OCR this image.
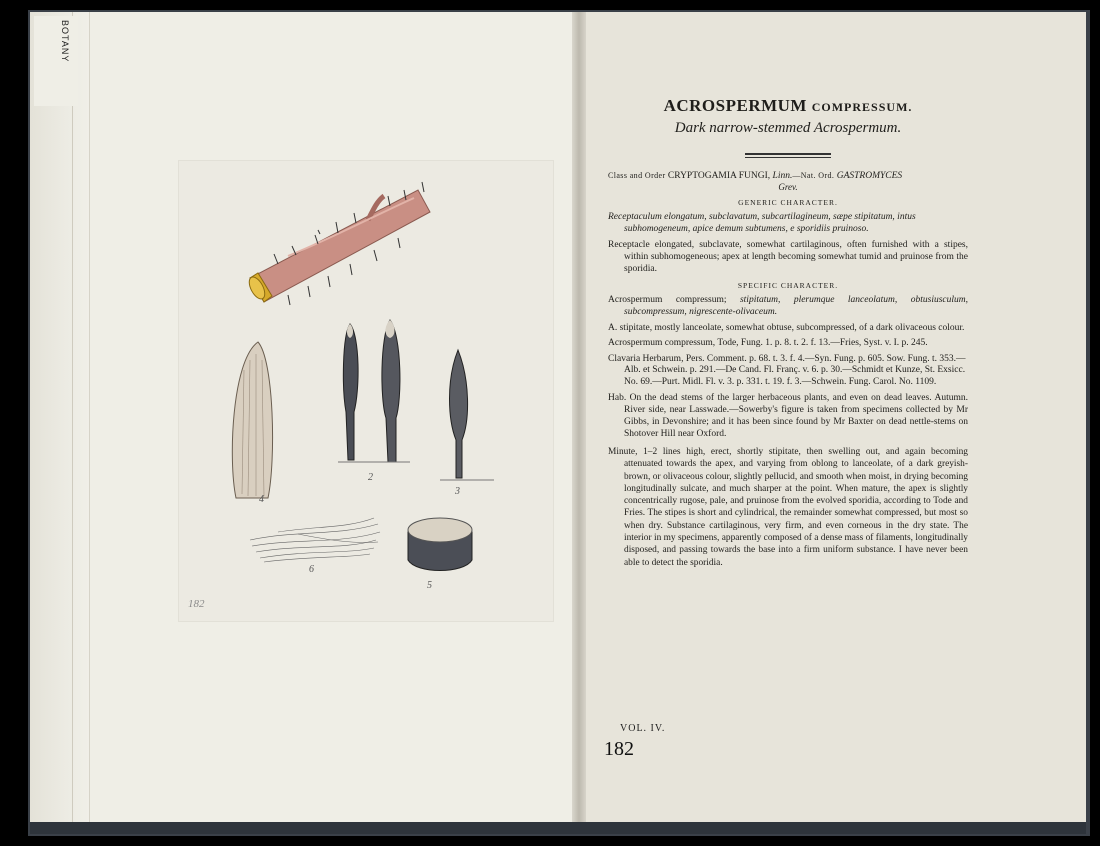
BOTANY
4
2
3
6
5
182
ACROSPERMUM COMPRESSUM.

Dark narrow-stemmed Acrospermum.

Class and Order CRYPTOGAMIA FUNGI, Linn.—Nat. Ord. GASTROMYCES

Grev.

GENERIC CHARACTER.

Receptaculum elongatum, subclavatum, subcartilagineum, sæpe stipitatum, intus subhomogeneum, apice demum subtumens, e sporidiis pruinoso.

Receptacle elongated, subclavate, somewhat cartilaginous, often furnished with a stipes, within subhomogeneous; apex at length becoming somewhat tumid and pruinose from the sporidia.

SPECIFIC CHARACTER.

Acrospermum compressum; stipitatum, plerumque lanceolatum, obtusiusculum, subcompressum, nigrescente-olivaceum.

A. stipitate, mostly lanceolate, somewhat obtuse, subcompressed, of a dark olivaceous colour.

Acrospermum compressum, Tode, Fung. 1. p. 8. t. 2. f. 13.—Fries, Syst. v. I. p. 245.

Clavaria Herbarum, Pers. Comment. p. 68. t. 3. f. 4.—Syn. Fung. p. 605. Sow. Fung. t. 353.—Alb. et Schwein. p. 291.—De Cand. Fl. Franç. v. 6. p. 30.—Schmidt et Kunze, St. Exsicc. No. 69.—Purt. Midl. Fl. v. 3. p. 331. t. 19. f. 3.—Schwein. Fung. Carol. No. 1109.

Hab. On the dead stems of the larger herbaceous plants, and even on dead leaves. Autumn. River side, near Lasswade.—Sowerby's figure is taken from specimens collected by Mr Gibbs, in Devonshire; and it has been since found by Mr Baxter on dead nettle-stems on Shotover Hill near Oxford.

Minute, 1–2 lines high, erect, shortly stipitate, then swelling out, and again becoming attenuated towards the apex, and varying from oblong to lanceolate, of a dark greyish-brown, or olivaceous colour, slightly pellucid, and smooth when moist, in drying becoming longitudinally sulcate, and much sharper at the point. When mature, the apex is slightly concentrically rugose, pale, and pruinose from the evolved sporidia, according to Tode and Fries. The stipes is short and cylindrical, the remainder somewhat compressed, but most so when dry. Substance cartilaginous, very firm, and even corneous in the dry state. The interior in my specimens, apparently composed of a dense mass of filaments, longitudinally disposed, and passing towards the base into a firm uniform substance. I have never been able to detect the sporidia.

VOL. IV.
182
